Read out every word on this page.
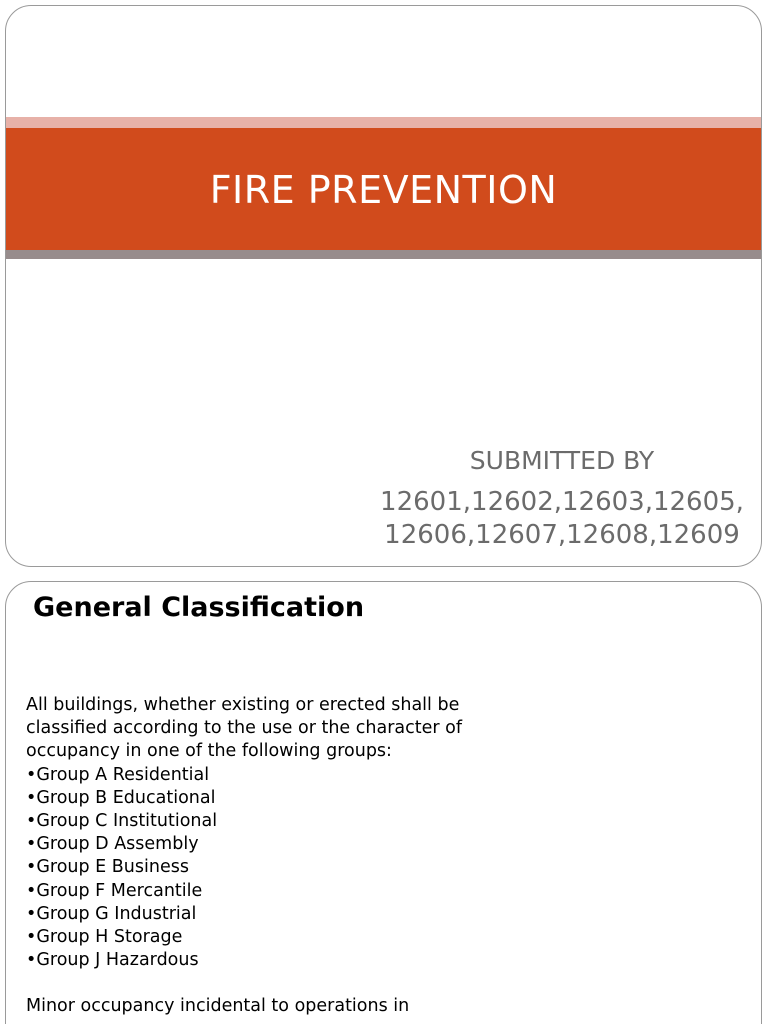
FIRE PREVENTION
SUBMITTED BY
12601,12602,12603,12605,12606,12607,12608,12609
General Classification
All buildings, whether existing or erected shall be
classified according to the use or the character of
occupancy in one of the following groups:
•Group A Residential
•Group B Educational
•Group C Institutional
•Group D Assembly
•Group E Business
•Group F Mercantile
•Group G Industrial
•Group H Storage
•Group J Hazardous
Minor occupancy incidental to operations in
